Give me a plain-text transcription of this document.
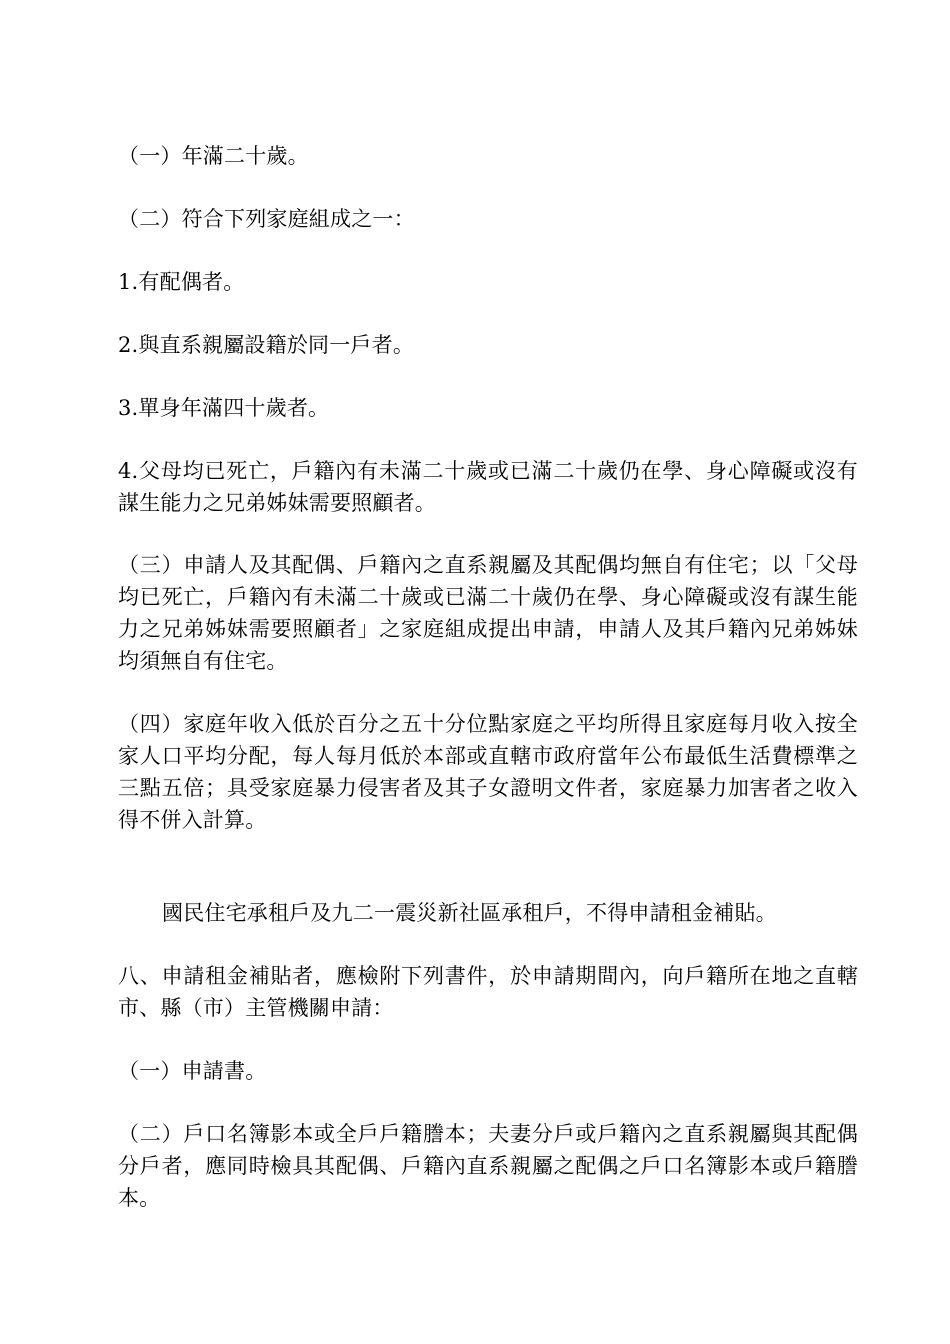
（一）年滿二十歲。
（二）符合下列家庭組成之一：
1.有配偶者。
2.與直系親屬設籍於同一戶者。
3.單身年滿四十歲者。
4.父母均已死亡，戶籍內有未滿二十歲或已滿二十歲仍在學、身心障礙或沒有謀生能力之兄弟姊妹需要照顧者。
（三）申請人及其配偶、戶籍內之直系親屬及其配偶均無自有住宅；以「父母均已死亡，戶籍內有未滿二十歲或已滿二十歲仍在學、身心障礙或沒有謀生能力之兄弟姊妹需要照顧者」之家庭組成提出申請，申請人及其戶籍內兄弟姊妹均須無自有住宅。
（四）家庭年收入低於百分之五十分位點家庭之平均所得且家庭每月收入按全家人口平均分配，每人每月低於本部或直轄市政府當年公布最低生活費標準之三點五倍；具受家庭暴力侵害者及其子女證明文件者，家庭暴力加害者之收入得不併入計算。
國民住宅承租戶及九二一震災新社區承租戶，不得申請租金補貼。
八、申請租金補貼者，應檢附下列書件，於申請期間內，向戶籍所在地之直轄市、縣（市）主管機關申請：
（一）申請書。
（二）戶口名簿影本或全戶戶籍謄本；夫妻分戶或戶籍內之直系親屬與其配偶分戶者，應同時檢具其配偶、戶籍內直系親屬之配偶之戶口名簿影本或戶籍謄本。
